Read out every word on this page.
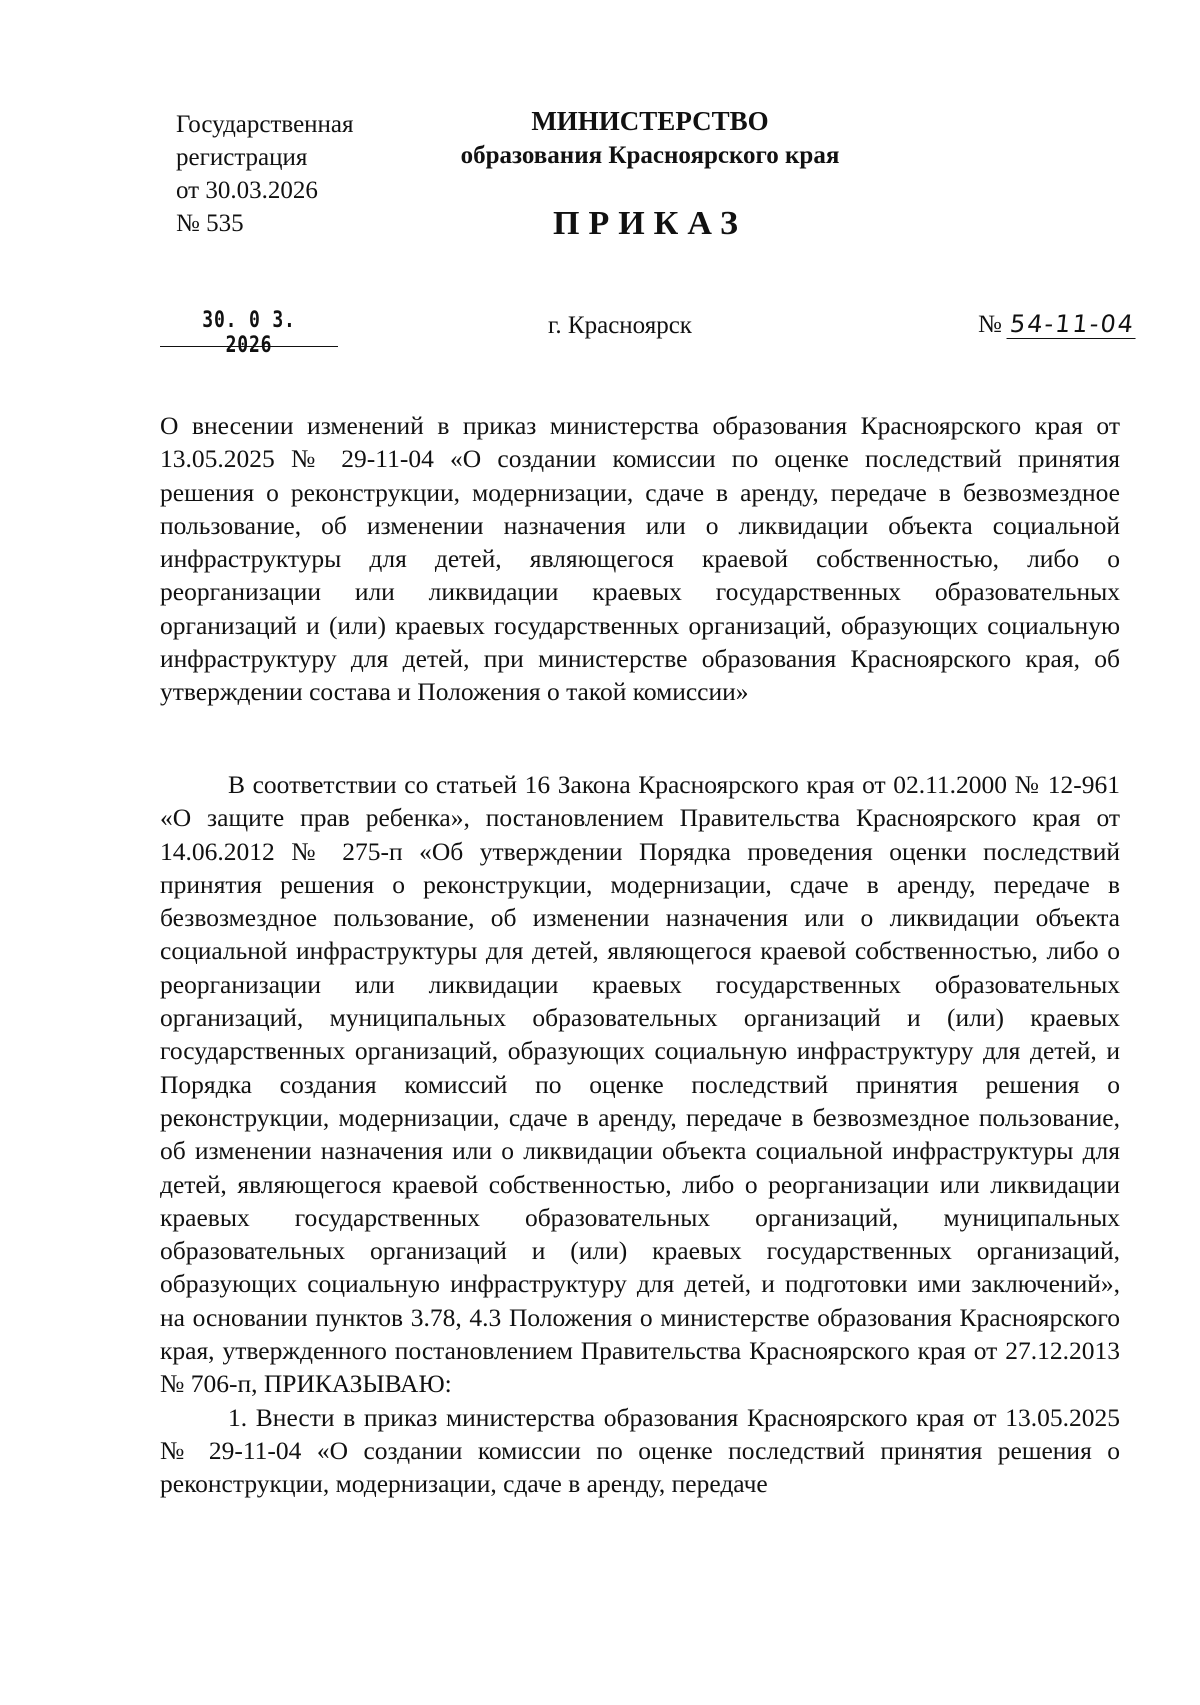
Государственная
регистрация
от 30.03.2026
№ 535
МИНИСТЕРСТВО
образования Красноярского края
ПРИКАЗ
30. 0 3. 2026
г. Красноярск	№ 54-11-04
О внесении изменений в приказ министерства образования Красноярского края от 13.05.2025 № 29-11-04 «О создании комиссии по оценке последствий принятия решения о реконструкции, модернизации, сдаче в аренду, передаче в безвозмездное пользование, об изменении назначения или о ликвидации объекта социальной инфраструктуры для детей, являющегося краевой собственностью, либо о реорганизации или ликвидации краевых государственных образовательных организаций и (или) краевых государственных организаций, образующих социальную инфраструктуру для детей, при министерстве образования Красноярского края, об утверждении состава и Положения о такой комиссии»

В соответствии со статьей 16 Закона Красноярского края от 02.11.2000 № 12-961 «О защите прав ребенка», постановлением Правительства Красноярского края от 14.06.2012 № 275-п «Об утверждении Порядка проведения оценки последствий принятия решения о реконструкции, модернизации, сдаче в аренду, передаче в безвозмездное пользование, об изменении назначения или о ликвидации объекта социальной инфраструктуры для детей, являющегося краевой собственностью, либо о реорганизации или ликвидации краевых государственных образовательных организаций, муниципальных образовательных организаций и (или) краевых государственных организаций, образующих социальную инфраструктуру для детей, и Порядка создания комиссий по оценке последствий принятия решения о реконструкции, модернизации, сдаче в аренду, передаче в безвозмездное пользование, об изменении назначения или о ликвидации объекта социальной инфраструктуры для детей, являющегося краевой собственностью, либо о реорганизации или ликвидации краевых государственных образовательных организаций, муниципальных образовательных организаций и (или) краевых государственных организаций, образующих социальную инфраструктуру для детей, и подготовки ими заключений», на основании пунктов 3.78, 4.3 Положения о министерстве образования Красноярского края, утвержденного постановлением Правительства Красноярского края от 27.12.2013 № 706-п, ПРИКАЗЫВАЮ:

1. Внести в приказ министерства образования Красноярского края от 13.05.2025 № 29-11-04 «О создании комиссии по оценке последствий принятия решения о реконструкции, модернизации, сдаче в аренду, передаче
